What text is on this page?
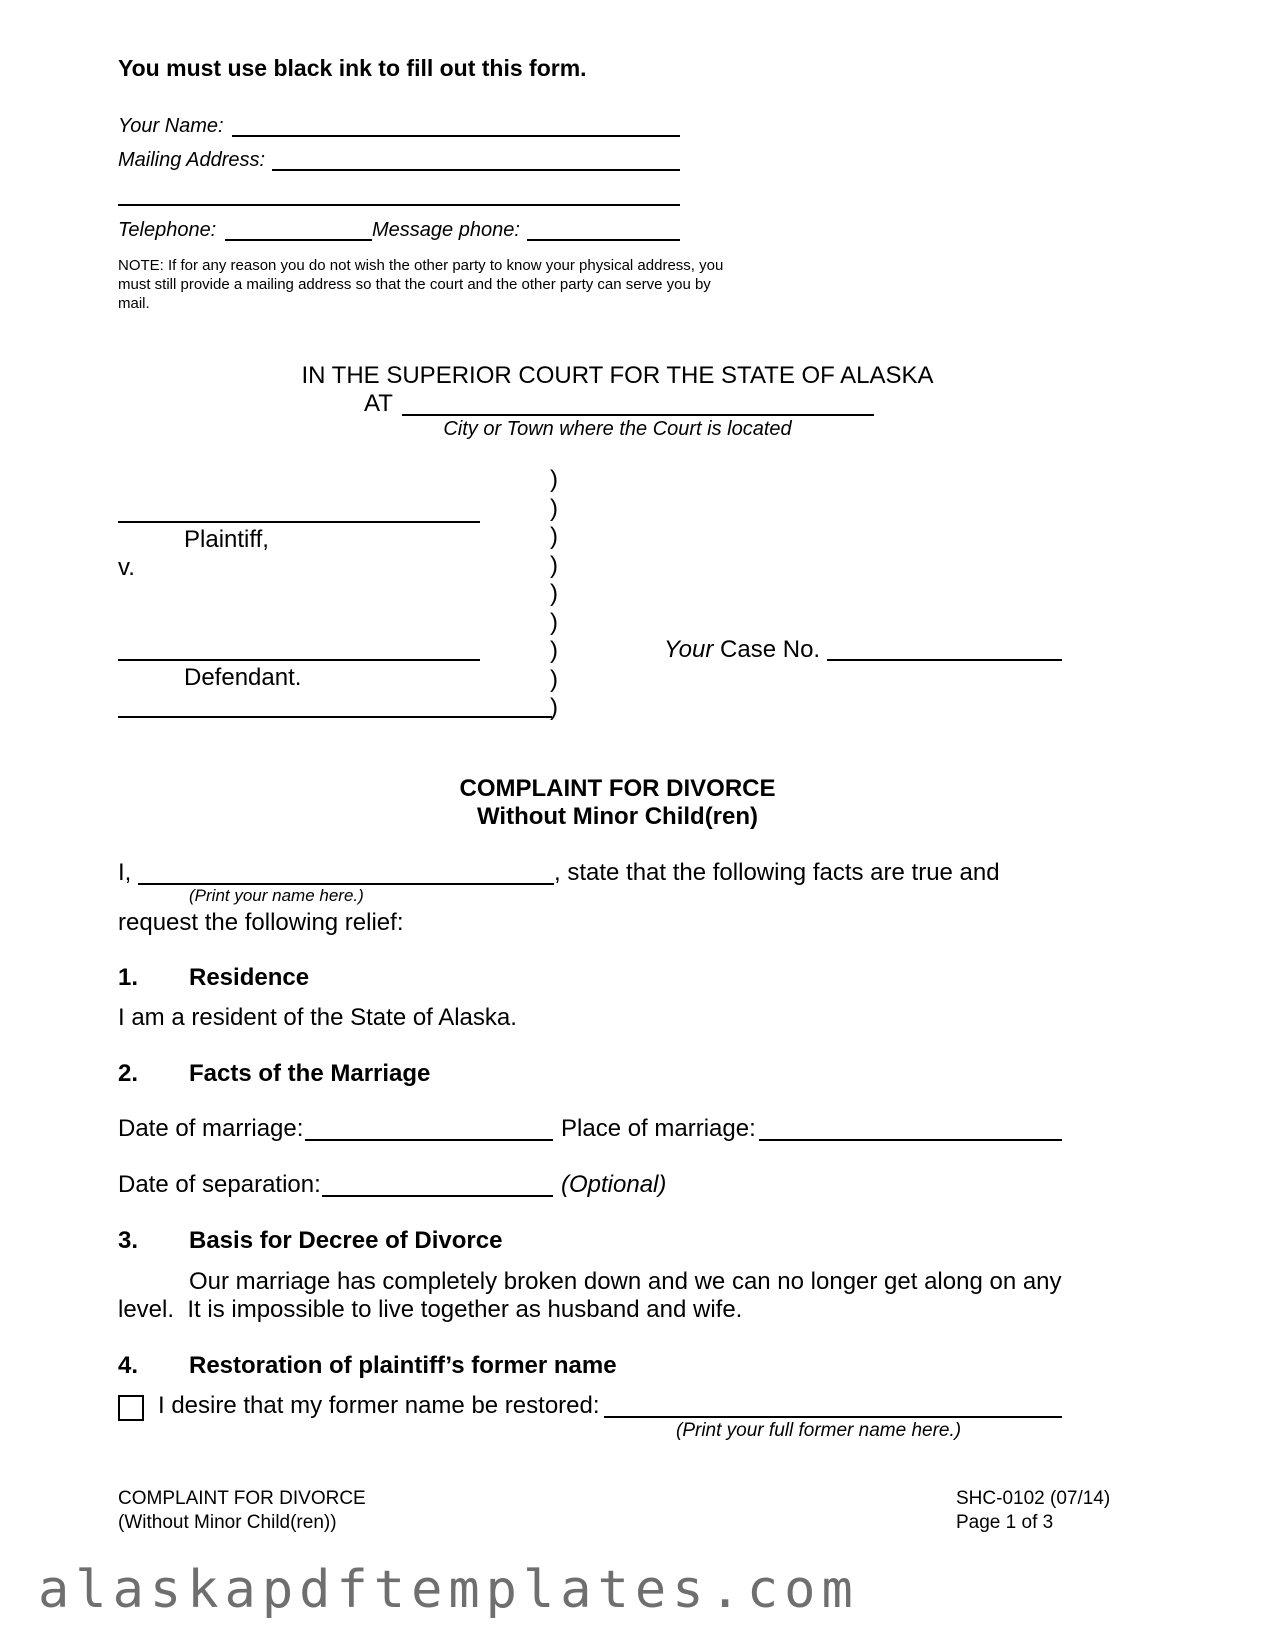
You must use black ink to fill out this form.
Your Name:
Mailing Address:
Telephone:	Message phone:
NOTE: If for any reason you do not wish the other party to know your physical address, you must still provide a mailing address so that the court and the other party can serve you by mail.
IN THE SUPERIOR COURT FOR THE STATE OF ALASKA
AT
City or Town where the Court is located
Plaintiff,
v.
Defendant.
)
)
)
)
)
)
)
)
)
Your Case No.
COMPLAINT FOR DIVORCE
Without Minor Child(ren)
I,	, state that the following facts are true and
(Print your name here.)
request the following relief:
1. Residence
I am a resident of the State of Alaska.
2. Facts of the Marriage
Date of marriage:	Place of marriage:
Date of separation:	(Optional)
3. Basis for Decree of Divorce
Our marriage has completely broken down and we can no longer get along on any
level.  It is impossible to live together as husband and wife.
4. Restoration of plaintiff’s former name
I desire that my former name be restored:
(Print your full former name here.)
COMPLAINT FOR DIVORCE
(Without Minor Child(ren))
SHC-0102 (07/14)
Page 1 of 3
alaskapdftemplates.com
